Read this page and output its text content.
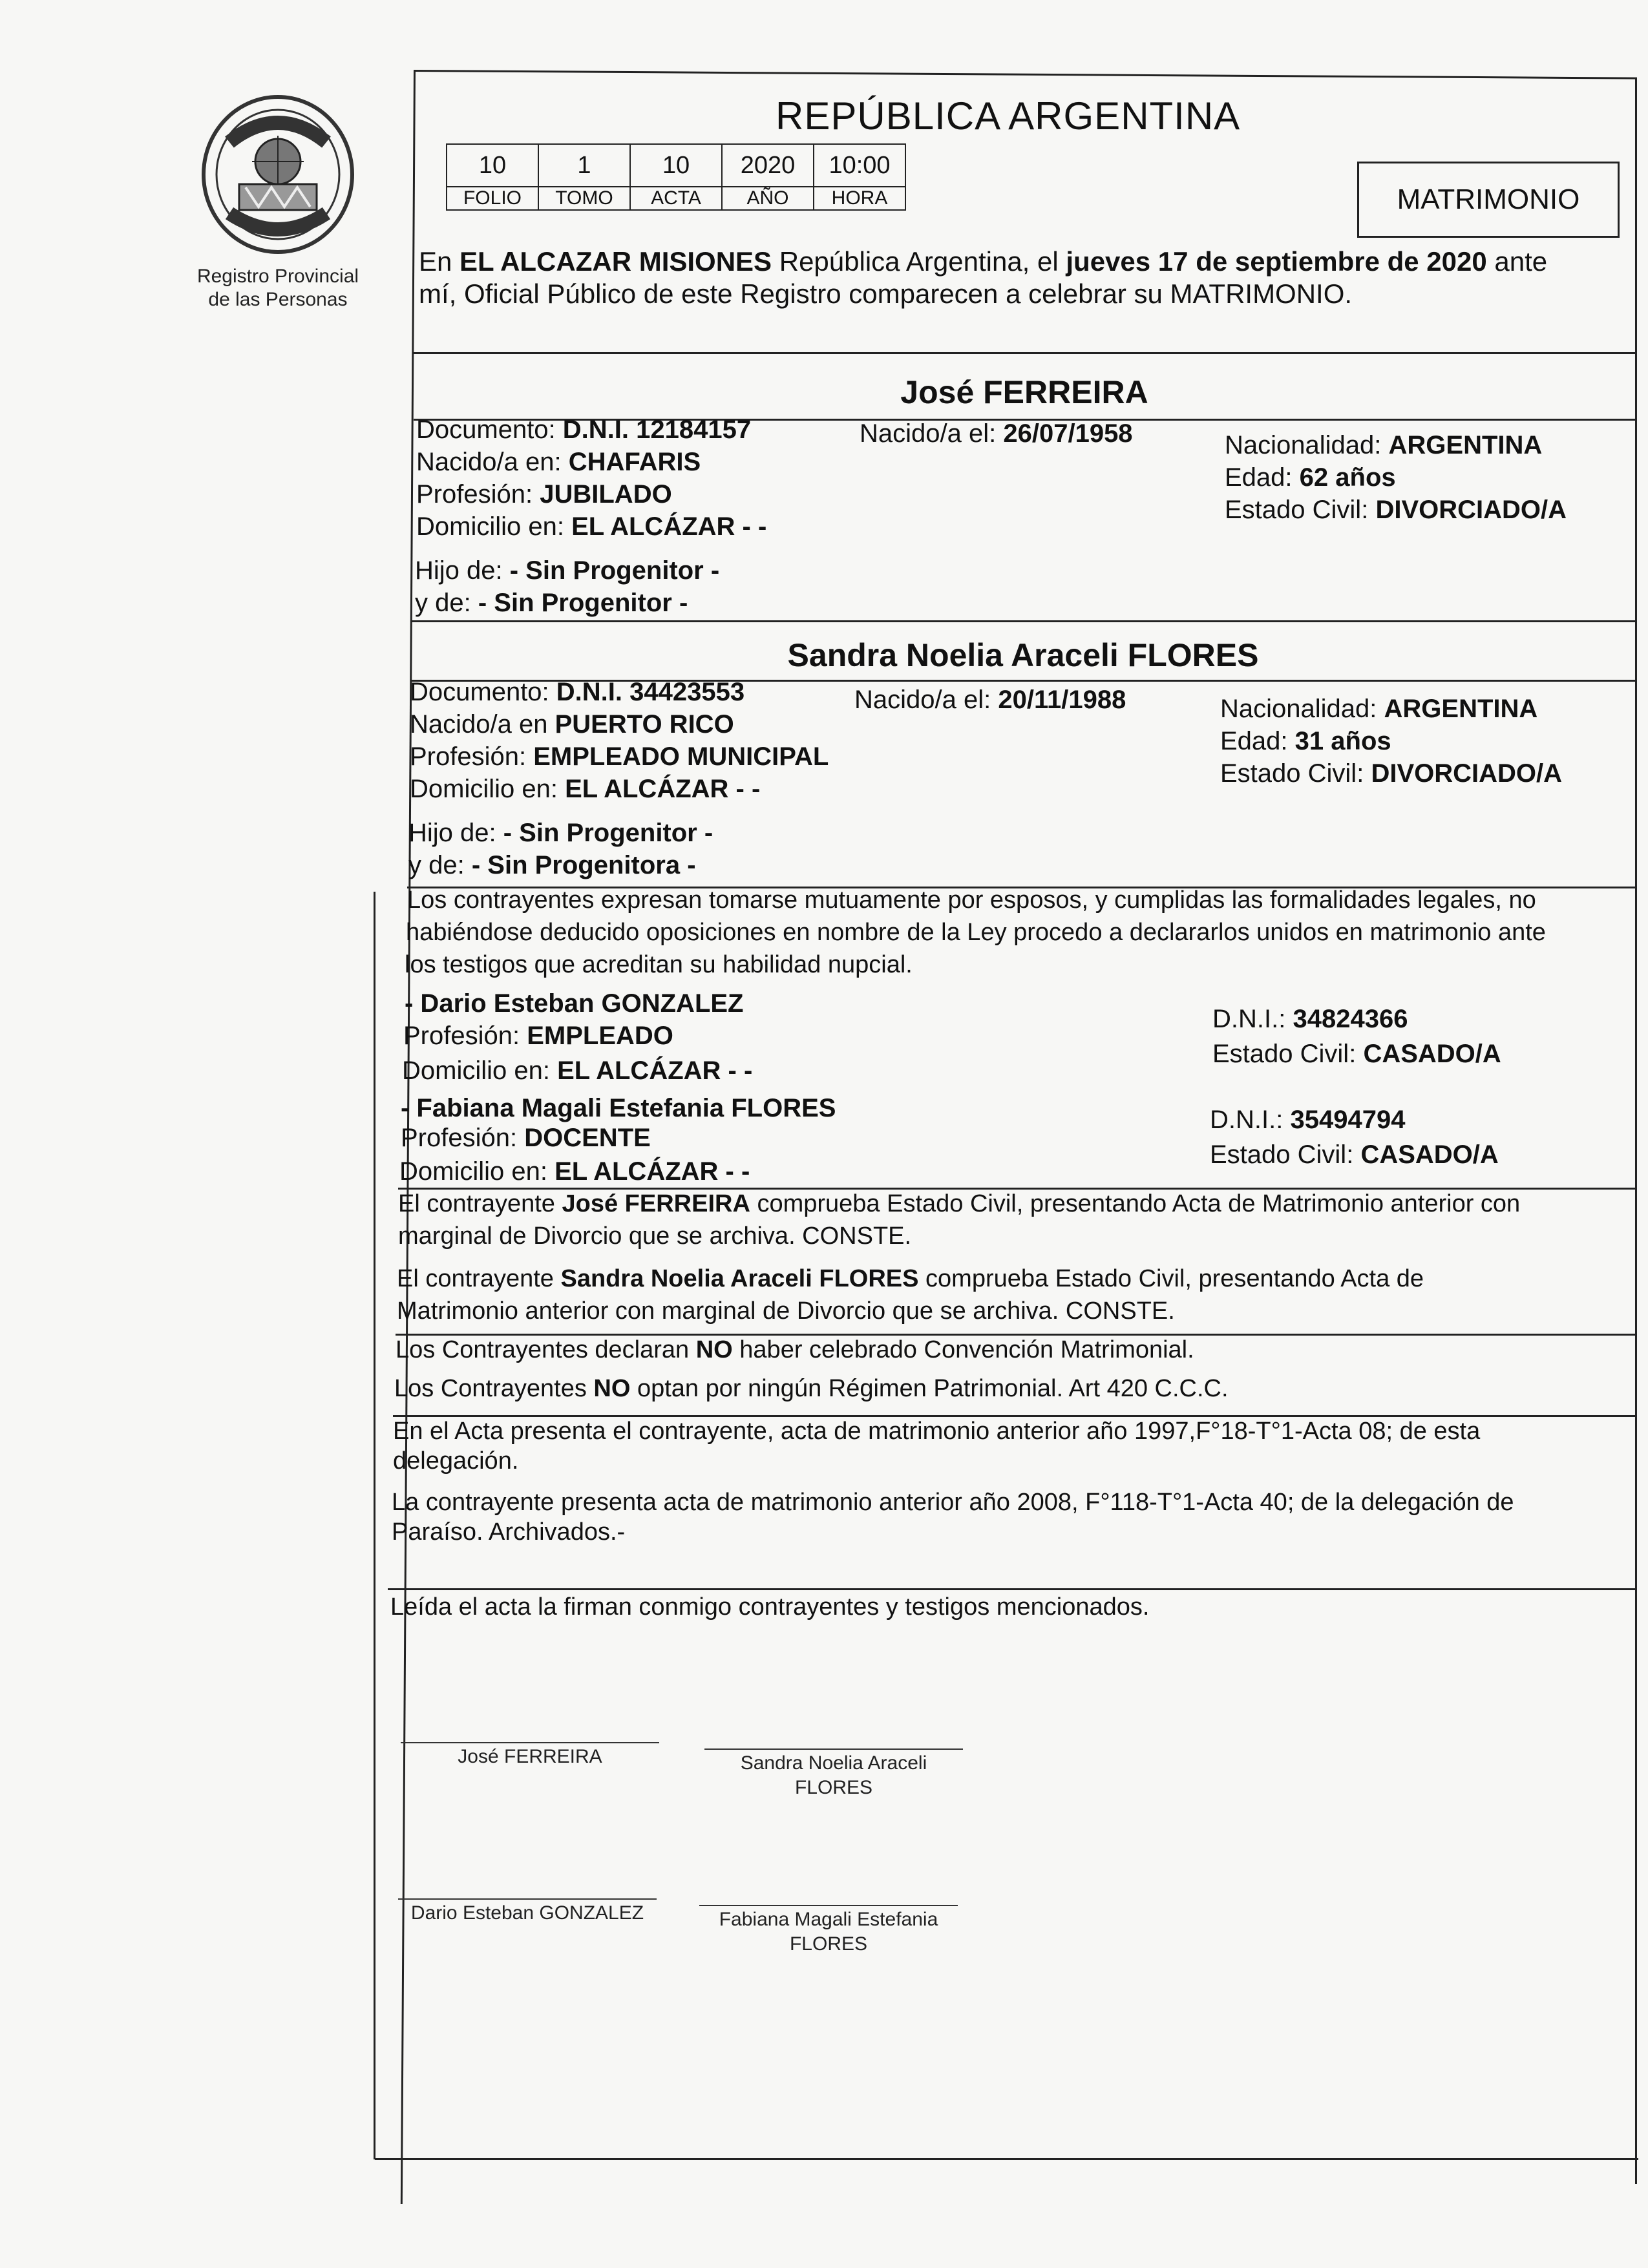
Registro Provincial
de las Personas
REPÚBLICA ARGENTINA
10	1	10	2020	10:00
FOLIO	TOMO	ACTA	AÑO	HORA	MATRIMONIO
En EL ALCAZAR MISIONES República Argentina, el jueves 17 de septiembre de 2020 ante
mí, Oficial Público de este Registro comparecen a celebrar su MATRIMONIO.
José FERREIRA
Documento: D.N.I. 12184157
Nacido/a en: CHAFARIS
Profesión: JUBILADO
Domicilio en: EL ALCÁZAR - -
Hijo de: - Sin Progenitor -
y de: - Sin Progenitor -
Nacido/a el: 26/07/1958	Nacionalidad: ARGENTINA
Edad: 62 años
Estado Civil: DIVORCIADO/A
Sandra Noelia Araceli FLORES
Documento: D.N.I. 34423553
Nacido/a en PUERTO RICO
Profesión: EMPLEADO MUNICIPAL
Domicilio en: EL ALCÁZAR - -
Hijo de: - Sin Progenitor -
y de: - Sin Progenitora -
Nacido/a el: 20/11/1988	Nacionalidad: ARGENTINA
Edad: 31 años
Estado Civil: DIVORCIADO/A
Los contrayentes expresan tomarse mutuamente por esposos, y cumplidas las formalidades legales, no
habiéndose deducido oposiciones en nombre de la Ley procedo a declararlos unidos en matrimonio ante
los testigos que acreditan su habilidad nupcial.
- Dario Esteban GONZALEZ
Profesión: EMPLEADO
Domicilio en: EL ALCÁZAR - -
D.N.I.: 34824366
Estado Civil: CASADO/A
- Fabiana Magali Estefania FLORES
Profesión: DOCENTE
Domicilio en: EL ALCÁZAR - -
D.N.I.: 35494794
Estado Civil: CASADO/A
El contrayente José FERREIRA comprueba Estado Civil, presentando Acta de Matrimonio anterior con
marginal de Divorcio que se archiva. CONSTE.
El contrayente Sandra Noelia Araceli FLORES comprueba Estado Civil, presentando Acta de
Matrimonio anterior con marginal de Divorcio que se archiva. CONSTE.
Los Contrayentes declaran NO haber celebrado Convención Matrimonial.
Los Contrayentes NO optan por ningún Régimen Patrimonial. Art 420 C.C.C.
En el Acta presenta el contrayente, acta de matrimonio anterior año 1997,F°18-T°1-Acta 08; de esta
delegación.
La contrayente presenta acta de matrimonio anterior año 2008, F°118-T°1-Acta 40; de la delegación de
Paraíso. Archivados.-
Leída el acta la firman conmigo contrayentes y testigos mencionados.
José FERREIRA	Sandra Noelia Araceli
FLORES
Dario Esteban GONZALEZ	Fabiana Magali Estefania
FLORES
